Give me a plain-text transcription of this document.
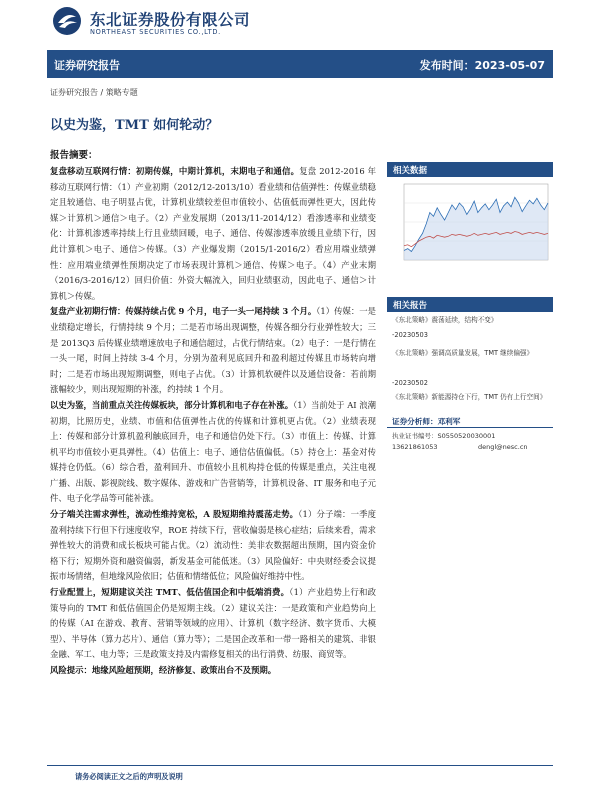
东北证券股份有限公司
NORTHEAST SECURITIES CO.,LTD.
证券研究报告	发布时间：2023-05-07
证券研究报告 / 策略专题
以史为鉴，TMT 如何轮动？
报告摘要：

复盘移动互联网行情：初期传媒，中期计算机，末期电子和通信。复盘 2012-2016 年移动互联网行情：（1）产业初期（2012/12-2013/10）看业绩和估值弹性：传媒业绩稳定且较通信、电子明显占优，计算机业绩较差但市值较小、估值低而弹性更大，因此传媒＞计算机＞通信＞电子。（2）产业发展期（2013/11-2014/12）看渗透率和业绩变化：计算机渗透率持续上行且业绩回暖，电子、通信、传媒渗透率放缓且业绩下行，因此计算机＞电子、通信＞传媒。（3）产业爆发期（2015/1-2016/2）看应用端业绩弹性：应用端业绩弹性预期决定了市场表现计算机＞通信、传媒＞电子。（4）产业末期（2016/3-2016/12）回归价值：外资大幅流入，回归业绩驱动，因此电子、通信＞计算机＞传媒。

复盘产业初期行情：传媒持续占优 9 个月，电子一头一尾持续 3 个月。（1）传媒：一是业绩稳定增长，行情持续 9 个月；二是若市场出现调整，传媒各细分行业弹性较大；三是 2013Q3 后传媒业绩增速放电子和通信超过，占优行情结束。（2）电子：一是行情在一头一尾，时间上持续 3-4 个月，分别为盈利见底回升和盈利超过传媒且市场转向增时；二是若市场出现短期调整，则电子占优。（3）计算机软硬件以及通信设备：若前期涨幅较少，则出现短期的补涨，约持续 1 个月。

以史为鉴，当前重点关注传媒板块，部分计算机和电子存在补涨。（1）当前处于 AI 浪潮初期，比照历史，业绩、市值和估值弹性占优的传媒和计算机更占优。（2）业绩表现上：传媒和部分计算机盈利触底回升，电子和通信仍处下行。（3）市值上：传媒、计算机平均市值较小更具弹性。（4）估值上：电子、通信估值偏低。（5）持仓上：基金对传媒持仓仍低。（6）综合看，盈利回升、市值较小且机构持仓低的传媒是重点，关注电视广播、出版、影视院线、数字媒体、游戏和广告营销等，计算机设备、IT 服务和电子元件、电子化学品等可能补涨。

分子端关注需求弹性，流动性维持宽松，A 股短期维持震荡走势。（1）分子端：一季度盈利持续下行但下行速度收窄，ROE 持续下行，营收偏弱是核心症结；后续来看，需求弹性较大的消费和成长板块可能占优。（2）流动性：美非农数据超出预期，国内资金价格下行；短期外资和融资偏弱，新发基金可能低迷。（3）风险偏好：中央财经委会议提振市场情绪，但地缘风险依旧；估值和情绪低位；风险偏好维持中性。

行业配置上，短期建议关注 TMT、低估值国企和中低端消费。（1）产业趋势上行和政策导向的 TMT 和低估值国企仍是短期主线。（2）建议关注：一是政策和产业趋势向上的传媒（AI 在游戏、教育、营销等领域的应用）、计算机（数字经济、数字货币、大模型）、半导体（算力芯片）、通信（算力等）；二是国企改革和一带一路相关的建筑、非银金融、军工、电力等；三是政策支持及内需修复相关的出行消费、纺服、商贸等。

风险提示：地缘风险超预期，经济修复、政策出台不及预期。

相关数据
相关报告
《东北策略》震荡延续，结构不变》
-20230503
《东北策略》强调高质量发展，TMT 继续偏强》
-20230502
《东北策略》新能源持仓下行，TMT 仍有上行空间》
证券分析师：邓利军
执业证书编号：S0550520030001
13621861053	dengl@nesc.cn
请务必阅读正文之后的声明及说明
